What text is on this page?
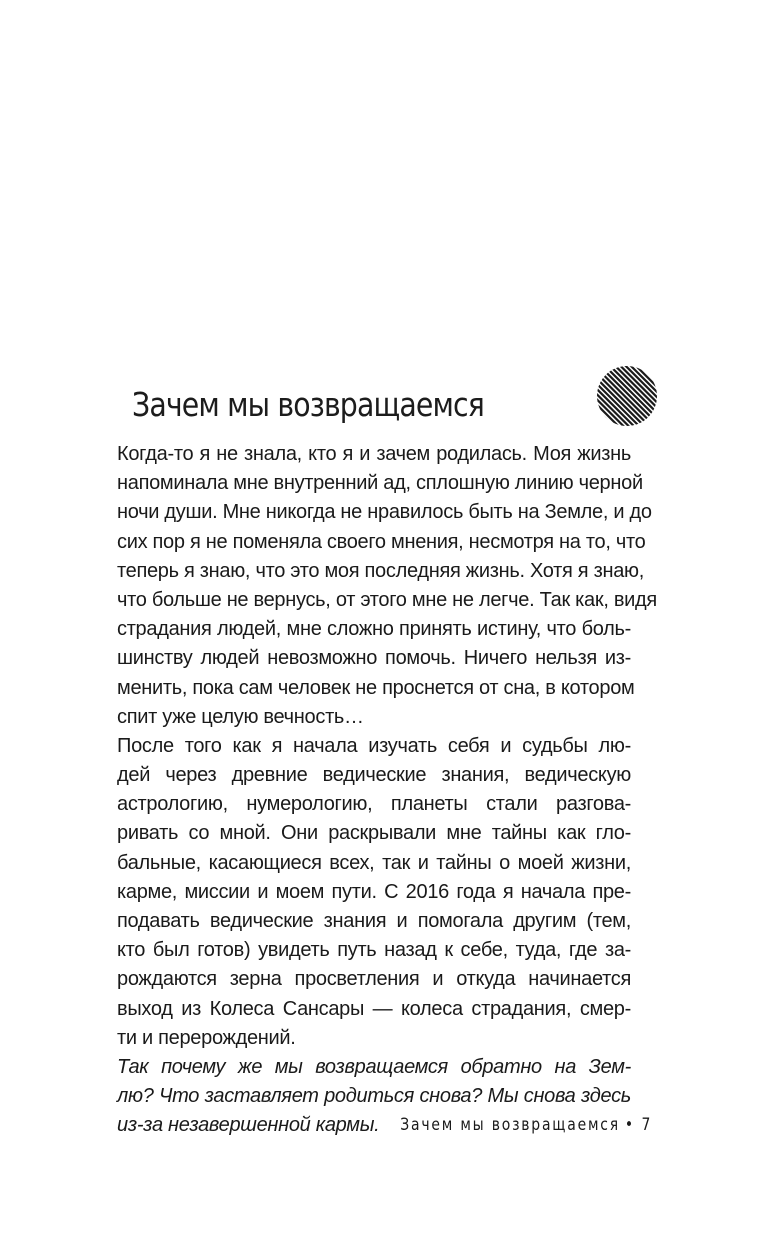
Зачем мы возвращаемся
Когда-то я не знала, кто я и зачем родилась. Моя жизнь
напоминала мне внутренний ад, сплошную линию черной
ночи души. Мне никогда не нравилось быть на Земле, и до
сих пор я не поменяла своего мнения, несмотря на то, что
теперь я знаю, что это моя последняя жизнь. Хотя я знаю,
что больше не вернусь, от этого мне не легче. Так как, видя
страдания людей, мне сложно принять истину, что боль-
шинству людей невозможно помочь. Ничего нельзя из-
менить, пока сам человек не проснется от сна, в котором
спит уже целую вечность…
После того как я начала изучать себя и судьбы лю-
дей через древние ведические знания, ведическую
астрологию, нумерологию, планеты стали разгова-
ривать со мной. Они раскрывали мне тайны как гло-
бальные, касающиеся всех, так и тайны о моей жизни,
карме, миссии и моем пути. С 2016 года я начала пре-
подавать ведические знания и помогала другим (тем,
кто был готов) увидеть путь назад к себе, туда, где за-
рождаются зерна просветления и откуда начинается
выход из Колеса Сансары — колеса страдания, смер-
ти и перерождений.
Так почему же мы возвращаемся обратно на Зем-
лю? Что заставляет родиться снова? Мы снова здесь
из-за незавершенной кармы.	Зачем мы возвращаемся • 7
